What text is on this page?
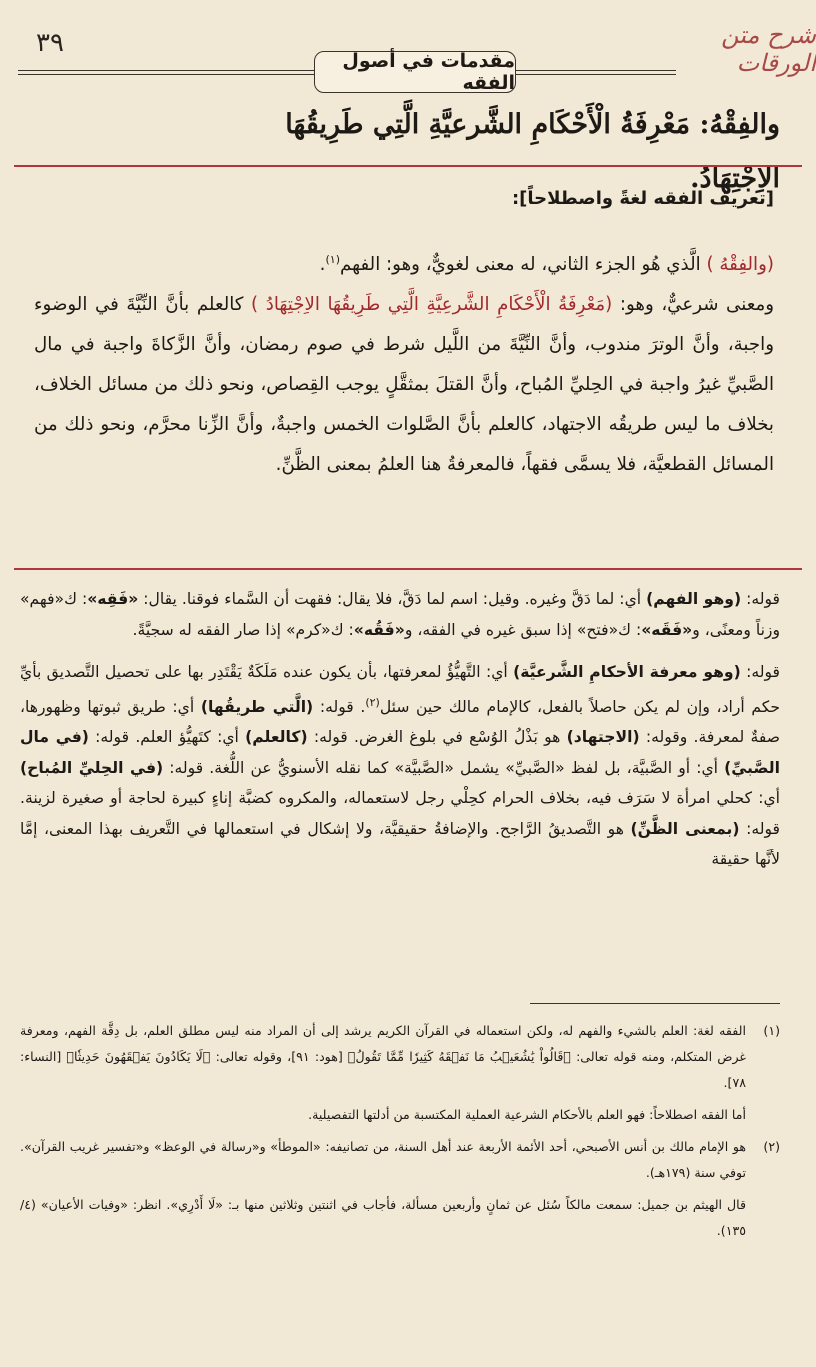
٣٩
مقدمات في أصول الفقه
شرح متن الورقات
والفِقْهُ: مَعْرِفَةُ الْأَحْكَامِ الشَّرعيَّةِ الَّتِي طَرِيقُهَا الاِجْتِهَادُ.
[تعريف الفقه لغةً واصطلاحاً]:

(والفِقْهُ ) الَّذي هُو الجزء الثاني، له معنى لغويٌّ، وهو: الفهم$^{(١)}$.

ومعنى شرعيٌّ، وهو: (مَعْرِفَةُ الْأَحْكَامِ الشَّرعِيَّةِ الَّتِي طَرِيقُهَا الاِجْتِهَادُ ) كالعلم بأنَّ النِّيَّةَ في الوضوء واجبة، وأنَّ الوترَ مندوب، وأنَّ النِّيَّةَ من اللَّيل شرط في صوم رمضان، وأنَّ الزَّكاةَ واجبة في مال الصَّبيِّ غيرُ واجبة في الحِليِّ المُباح، وأنَّ القتلَ بمثقَّلٍ يوجب القِصاص، ونحو ذلك من مسائل الخلاف، بخلاف ما ليس طريقُه الاجتهاد، كالعلم بأنَّ الصَّلوات الخمس واجبةٌ، وأنَّ الزِّنا محرَّم، ونحو ذلك من المسائل القطعيَّة، فلا يسمَّى فقهاً، فالمعرفةُ هنا العلمُ بمعنى الظَّنِّ.

قوله: (وهو الفهم) أي: لما دَقَّ وغيره. وقيل: اسم لما دَقَّ، فلا يقال: فقهت أن السَّماء فوقنا. يقال: «فَقِه»: ك«فهم» وزناً ومعنًى، و«فَقَه»: ك«فتح» إذا سبق غيره في الفقه، و«فَقُه»: ك«كرم» إذا صار الفقه له سجيَّةً.

قوله: (وهو معرفة الأحكامِ الشَّرعيَّة) أي: التَّهيُّؤُ لمعرفتها، بأن يكون عنده مَلَكَةٌ يَقْتَدِر بها على تحصيل التَّصديق بأيِّ حكم أراد، وإن لم يكن حاصلاً بالفعل، كالإمام مالك حين سئل$^{(٢)}$. قوله: (الَّتي طريقُها) أي: طريق ثبوتها وظهورها، صفةٌ لمعرفة. وقوله: (الاجتهاد) هو بَذْلُ الوُسْع في بلوغ الغرض. قوله: (كالعلم) أي: كتَهيُّؤ العلم. قوله: (في مال الصَّبيِّ) أي: أو الصَّبيَّة، بل لفظ «الصَّبيِّ» يشمل «الصَّبيَّة» كما نقله الأسنويُّ عن اللُّغة. قوله: (في الحِليِّ المُباح) أي: كحلي امرأة لا سَرَف فيه، بخلاف الحرام كحِلْي رجل لاستعماله، والمكروه كضبَّة إناءٍ كبيرة لحاجة أو صغيرة لزينة. قوله: (بمعنى الظَّنِّ) هو التَّصديقُ الرَّاجح. والإضافةُ حقيقيَّة، ولا إشكال في استعمالها في التَّعريف بهذا المعنى، إمَّا لأنَّها حقيقة

(١)

الفقه لغة: العلم بالشيء والفهم له، ولكن استعماله في القرآن الكريم يرشد إلى أن المراد منه ليس مطلق العلم، بل دِقَّة الفهم، ومعرفة غرض المتكلم، ومنه قوله تعالى: ﴿قَالُواْ يَٰشُعَيۡبُ مَا نَفۡقَهُ كَثِيرٗا مِّمَّا تَقُولُ﴾ [هود: ٩١]، وقوله تعالى: ﴿لَا يَكَادُونَ يَفۡقَهُونَ حَدِيثٗا﴾ [النساء: ٧٨].

أما الفقه اصطلاحاً: فهو العلم بالأحكام الشرعية العملية المكتسبة من أدلتها التفصيلية.

(٢)

هو الإمام مالك بن أنس الأصبحي، أحد الأئمة الأربعة عند أهل السنة، من تصانيفه: «الموطأ» و«رسالة في الوعظ» و«تفسير غريب القرآن». توفي سنة (١٧٩هـ).

قال الهيثم بن جميل: سمعت مالكاً سُئل عن ثمانٍ وأربعين مسألة، فأجاب في اثنتين وثلاثين منها بـ: «لَا أَدْرِي». انظر: «وفيات الأعيان» (٤/ ١٣٥).
